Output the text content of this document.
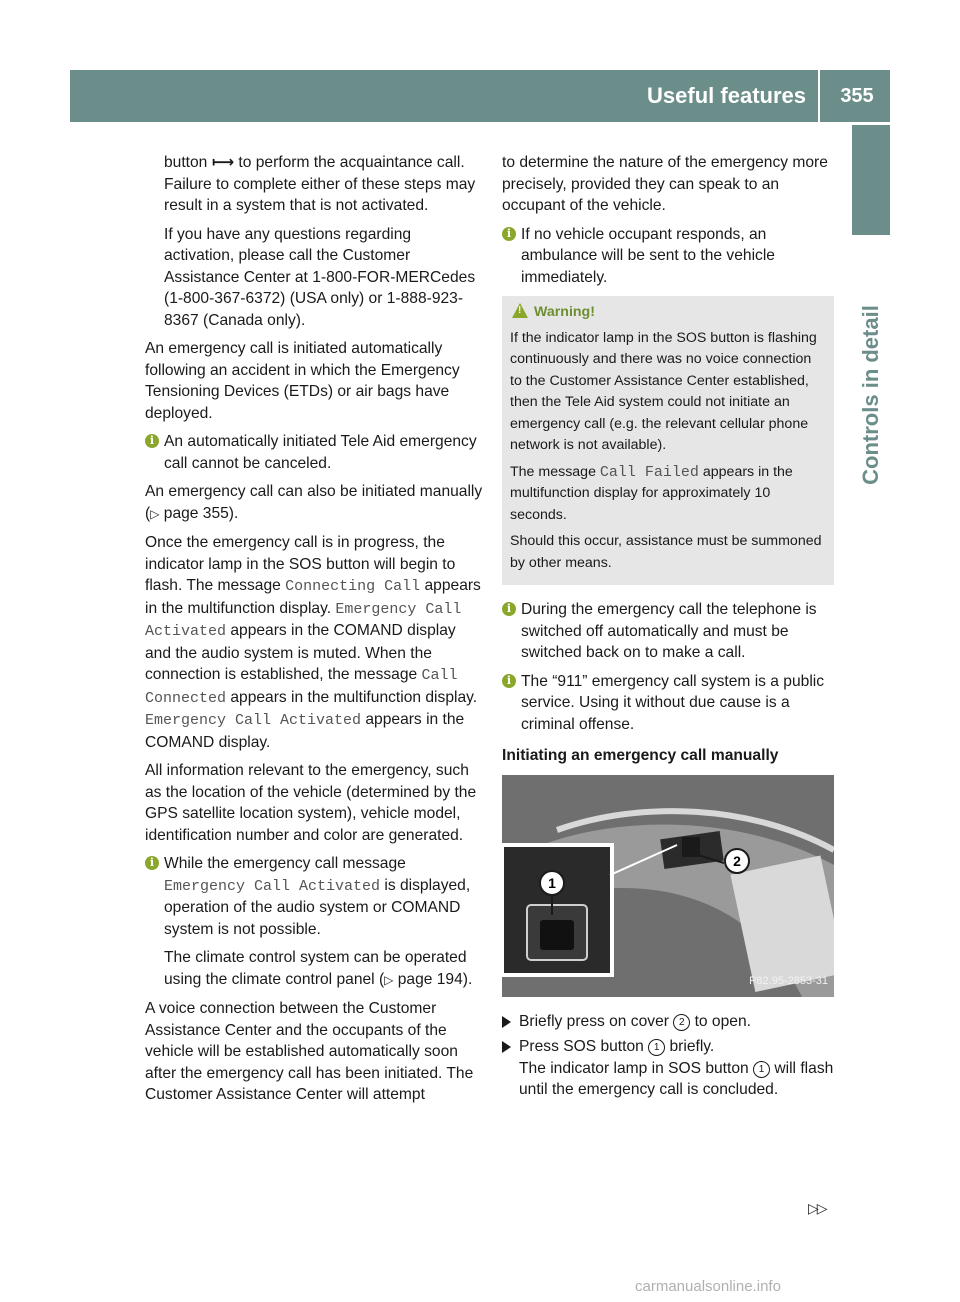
Useful features	355
Controls in detail

button ⟼ to perform the acquaintance call. Failure to complete either of these steps may result in a system that is not activated.

If you have any questions regarding activation, please call the Customer Assistance Center at 1-800-FOR-MERCedes (1-800-367-6372) (USA only) or 1-888-923-8367 (Canada only).

An emergency call is initiated automatically following an accident in which the Emergency Tensioning Devices (ETDs) or air bags have deployed.

i An automatically initiated Tele Aid emergency call cannot be canceled.

An emergency call can also be initiated manually (▷ page 355).

Once the emergency call is in progress, the indicator lamp in the SOS button will begin to flash. The message Connecting Call appears in the multifunction display. Emergency Call Activated appears in the COMAND display and the audio system is muted. When the connection is established, the message Call Connected appears in the multifunction display. Emergency Call Activated appears in the COMAND display.

All information relevant to the emergency, such as the location of the vehicle (determined by the GPS satellite location system), vehicle model, identification number and color are generated.

i While the emergency call message Emergency Call Activated is displayed, operation of the audio system or COMAND system is not possible.

The climate control system can be operated using the climate control panel (▷ page 194).

A voice connection between the Customer Assistance Center and the occupants of the vehicle will be established automatically soon after the emergency call has been initiated. The Customer Assistance Center will attempt

to determine the nature of the emergency more precisely, provided they can speak to an occupant of the vehicle.

i If no vehicle occupant responds, an ambulance will be sent to the vehicle immediately.
!
Warning!

If the indicator lamp in the SOS button is flashing continuously and there was no voice connection to the Customer Assistance Center established, then the Tele Aid system could not initiate an emergency call (e.g. the relevant cellular phone network is not available).

The message Call Failed appears in the multifunction display for approximately 10 seconds.

Should this occur, assistance must be summoned by other means.

i During the emergency call the telephone is switched off automatically and must be switched back on to make a call.
i The “911” emergency call system is a public service. Using it without due cause is a criminal offense.
Initiating an emergency call manually
1
2
P82.95-2853-31
Briefly press on cover 2 to open.
Press SOS button 1 briefly.
The indicator lamp in SOS button 1 will flash until the emergency call is concluded.
▷▷
carmanualsonline.info
